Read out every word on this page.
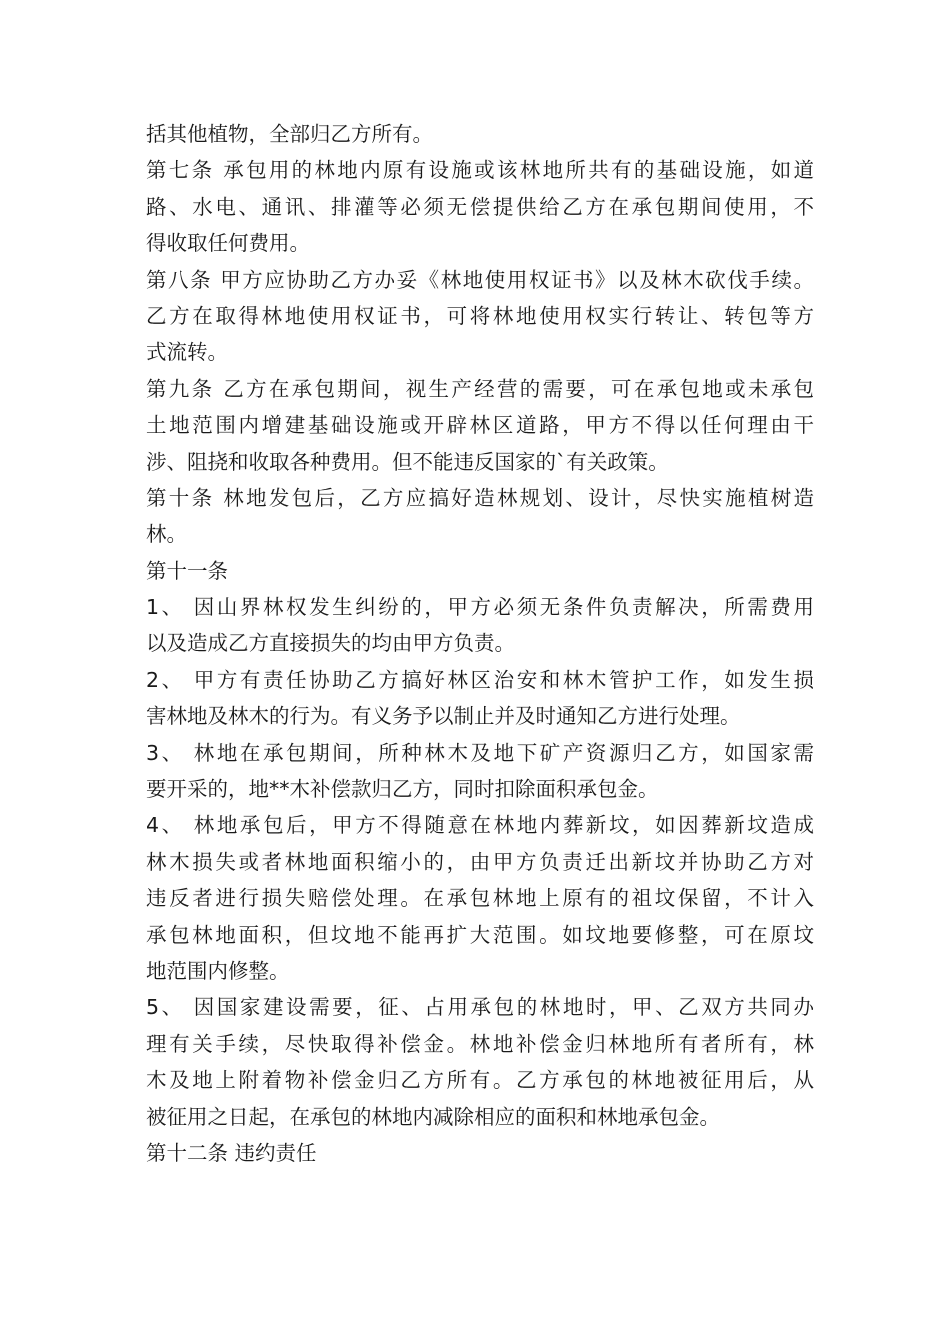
括其他植物，全部归乙方所有。
第七条 承包用的林地内原有设施或该林地所共有的基础设施，如道
路、水电、通讯、排灌等必须无偿提供给乙方在承包期间使用，不
得收取任何费用。
第八条 甲方应协助乙方办妥《林地使用权证书》以及林木砍伐手续。
乙方在取得林地使用权证书，可将林地使用权实行转让、转包等方
式流转。
第九条 乙方在承包期间，视生产经营的需要，可在承包地或未承包
土地范围内增建基础设施或开辟林区道路，甲方不得以任何理由干
涉、阻挠和收取各种费用。但不能违反国家的`有关政策。
第十条 林地发包后，乙方应搞好造林规划、设计，尽快实施植树造
林。
第十一条
1、 因山界林权发生纠纷的，甲方必须无条件负责解决，所需费用
以及造成乙方直接损失的均由甲方负责。
2、 甲方有责任协助乙方搞好林区治安和林木管护工作，如发生损
害林地及林木的行为。有义务予以制止并及时通知乙方进行处理。
3、 林地在承包期间，所种林木及地下矿产资源归乙方，如国家需
要开采的，地**木补偿款归乙方，同时扣除面积承包金。
4、 林地承包后，甲方不得随意在林地内葬新坟，如因葬新坟造成
林木损失或者林地面积缩小的，由甲方负责迁出新坟并协助乙方对
违反者进行损失赔偿处理。在承包林地上原有的祖坟保留，不计入
承包林地面积，但坟地不能再扩大范围。如坟地要修整，可在原坟
地范围内修整。
5、 因国家建设需要，征、占用承包的林地时，甲、乙双方共同办
理有关手续，尽快取得补偿金。林地补偿金归林地所有者所有，林
木及地上附着物补偿金归乙方所有。乙方承包的林地被征用后，从
被征用之日起，在承包的林地内减除相应的面积和林地承包金。
第十二条 违约责任
